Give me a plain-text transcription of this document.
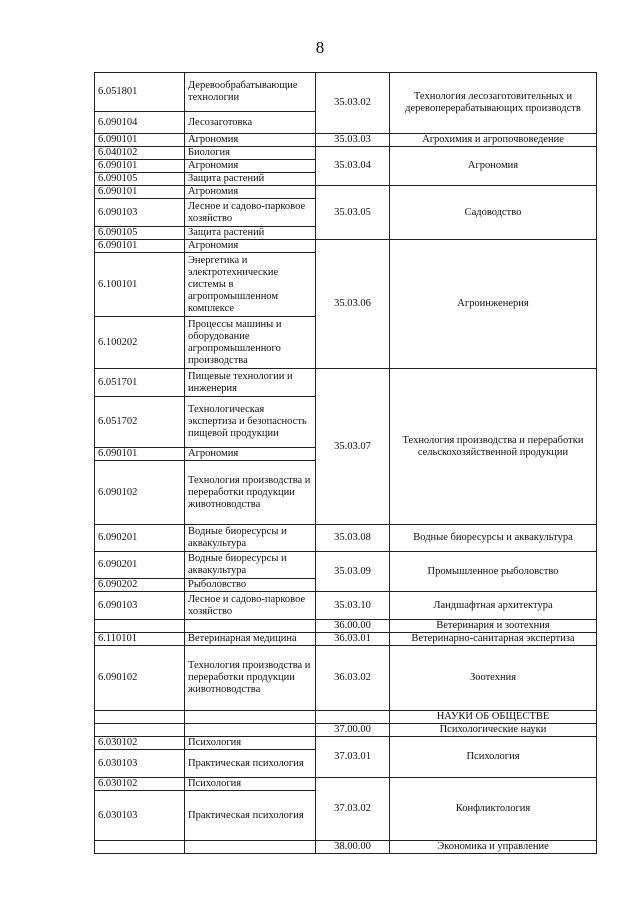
8
6.051801	Деревообрабатывающие технологии	35.03.02	Технология лесозаготовительных и деревоперерабатывающих производств
6.090104	Лесозаготовка		
6.090101	Агрономия	35.03.03	Агрохимия и агропочвоведение
6.040102	Биология	35.03.04	Агрономия
6.090101	Агрономия		
6.090105	Защита растений		
6.090101	Агрономия	35.03.05	Садоводство
6.090103	Лесное и садово-парковое хозяйство		
6.090105	Защита растений		
6.090101	Агрономия	35.03.06	Агроинженерия
6.100101	Энергетика и электротехнические системы в агропромышленном комплексе		
6.100202	Процессы машины и оборудование агропромышленного производства		
6.051701	Пищевые технологии и инженерия	35.03.07	Технология производства и переработки сельскохозяйственной продукции
6.051702	Технологическая экспертиза и безопасность пищевой продукции		
6.090101	Агрономия		
6.090102	Технология производства и переработки продукции животноводства		
6.090201	Водные биоресурсы и аквакультура	35.03.08	Водные биоресурсы и аквакультура
6.090201	Водные биоресурсы и аквакультура	35.03.09	Промышленное рыболовство
6.090202	Рыболовство		
6.090103	Лесное и садово-парковое хозяйство	35.03.10	Ландшафтная архитектура
		36.00.00	Ветеринария и зоотехния
6.110101	Ветеринарная медицина	36.03.01	Ветеринарно-санитарная экспертиза
6.090102	Технология производства и переработки продукции животноводства	36.03.02	Зоотехния
			НАУКИ ОБ ОБЩЕСТВЕ
		37.00.00	Психологические науки
6.030102	Психология	37.03.01	Психология
6.030103	Практическая психология		
6.030102	Психология	37.03.02	Конфликтология
6.030103	Практическая психология		
		38.00.00	Экономика и управление
